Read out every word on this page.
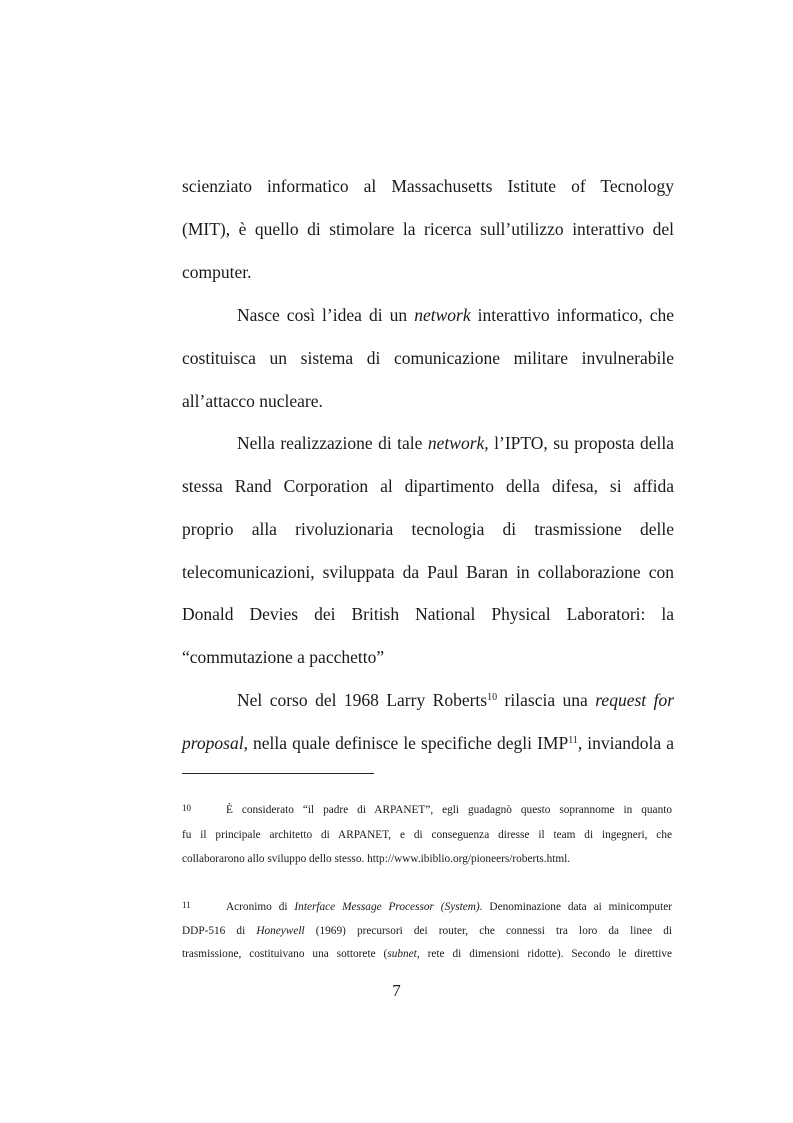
scienziato informatico al Massachusetts Istitute of Tecnology
(MIT), è quello di stimolare la ricerca sull’utilizzo interattivo del
computer.
Nasce così l’idea di un network interattivo informatico, che
costituisca un sistema di comunicazione militare invulnerabile
all’attacco nucleare.
Nella realizzazione di tale network, l’IPTO, su proposta della
stessa Rand Corporation al dipartimento della difesa, si affida
proprio alla rivoluzionaria tecnologia di trasmissione delle
telecomunicazioni, sviluppata da Paul Baran in collaborazione con
Donald Devies dei British National Physical Laboratori: la
“commutazione a pacchetto”
Nel corso del 1968 Larry Roberts$^{10}$ rilascia una request for
proposal, nella quale definisce le specifiche degli IMP$^{11}$, inviandola a
10	È considerato “il padre di ARPANET”, egli guadagnò questo soprannome in quanto
fu il principale architetto di ARPANET, e di conseguenza diresse il team di ingegneri, che
collaborarono allo sviluppo dello stesso. http://www.ibiblio.org/pioneers/roberts.html.
11	Acronimo di Interface Message Processor (System). Denominazione data ai minicomputer
DDP-516 di Honeywell (1969) precursori dei router, che connessi tra loro da linee di
trasmissione, costituivano una sottorete (subnet, rete di dimensioni ridotte). Secondo le direttive
7
